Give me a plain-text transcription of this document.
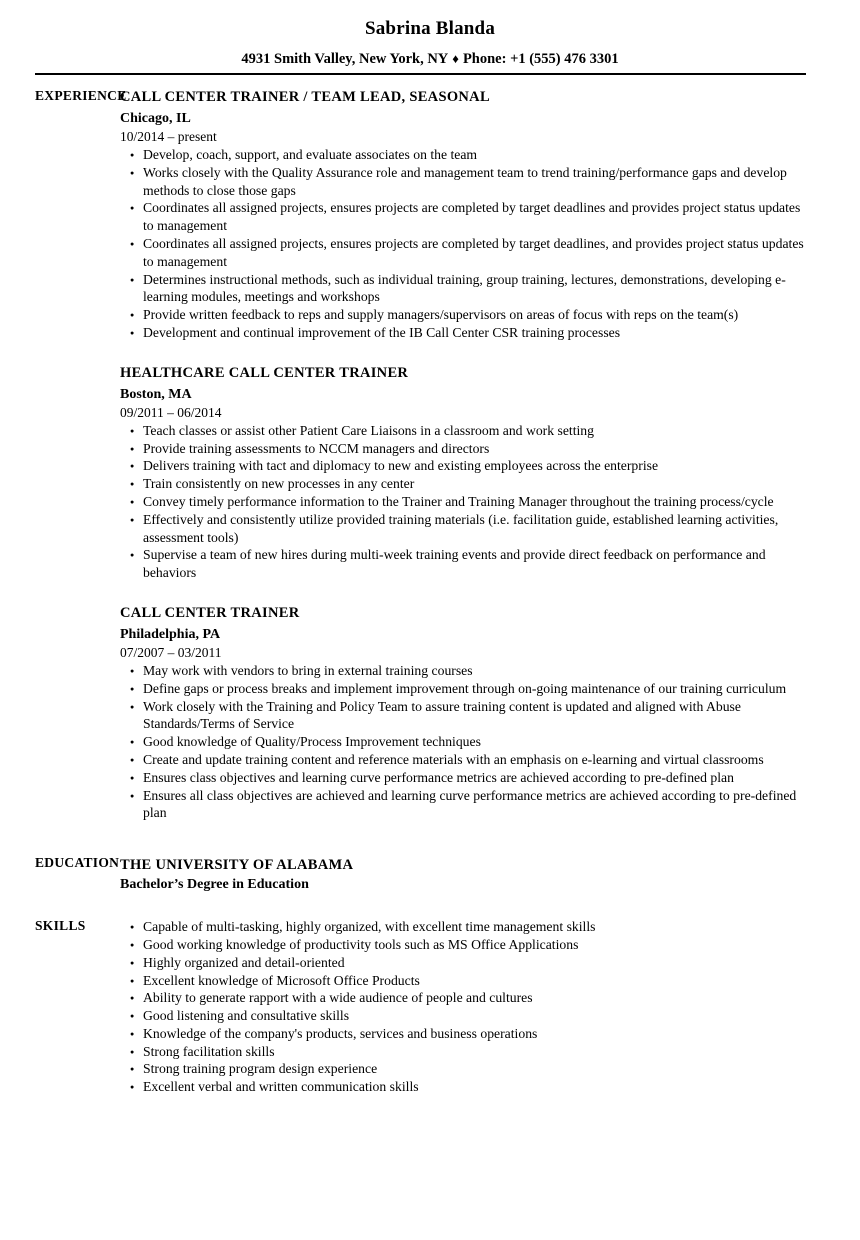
Sabrina Blanda
4931 Smith Valley, New York, NY ♦ Phone: +1 (555) 476 3301
EXPERIENCE
CALL CENTER TRAINER / TEAM LEAD, SEASONAL
Chicago, IL
10/2014 – present
● Develop, coach, support, and evaluate associates on the team
● Works closely with the Quality Assurance role and management team to trend training/performance gaps and develop methods to close those gaps
● Coordinates all assigned projects, ensures projects are completed by target deadlines and provides project status updates to management
● Coordinates all assigned projects, ensures projects are completed by target deadlines, and provides project status updates to management
● Determines instructional methods, such as individual training, group training, lectures, demonstrations, developing e-learning modules, meetings and workshops
● Provide written feedback to reps and supply managers/supervisors on areas of focus with reps on the team(s)
● Development and continual improvement of the IB Call Center CSR training processes
HEALTHCARE CALL CENTER TRAINER
Boston, MA
09/2011 – 06/2014
● Teach classes or assist other Patient Care Liaisons in a classroom and work setting
● Provide training assessments to NCCM managers and directors
● Delivers training with tact and diplomacy to new and existing employees across the enterprise
● Train consistently on new processes in any center
● Convey timely performance information to the Trainer and Training Manager throughout the training process/cycle
● Effectively and consistently utilize provided training materials (i.e. facilitation guide, established learning activities, assessment tools)
● Supervise a team of new hires during multi-week training events and provide direct feedback on performance and behaviors
CALL CENTER TRAINER
Philadelphia, PA
07/2007 – 03/2011
● May work with vendors to bring in external training courses
● Define gaps or process breaks and implement improvement through on-going maintenance of our training curriculum
● Work closely with the Training and Policy Team to assure training content is updated and aligned with Abuse Standards/Terms of Service
● Good knowledge of Quality/Process Improvement techniques
● Create and update training content and reference materials with an emphasis on e-learning and virtual classrooms
● Ensures class objectives and learning curve performance metrics are achieved according to pre-defined plan
● Ensures all class objectives are achieved and learning curve performance metrics are achieved according to pre-defined plan
EDUCATION THE UNIVERSITY OF ALABAMA
Bachelor’s Degree in Education
SKILLS	● Capable of multi-tasking, highly organized, with excellent time management skills
● Good working knowledge of productivity tools such as MS Office Applications
● Highly organized and detail-oriented
● Excellent knowledge of Microsoft Office Products
● Ability to generate rapport with a wide audience of people and cultures
● Good listening and consultative skills
● Knowledge of the company's products, services and business operations
● Strong facilitation skills
● Strong training program design experience
● Excellent verbal and written communication skills
